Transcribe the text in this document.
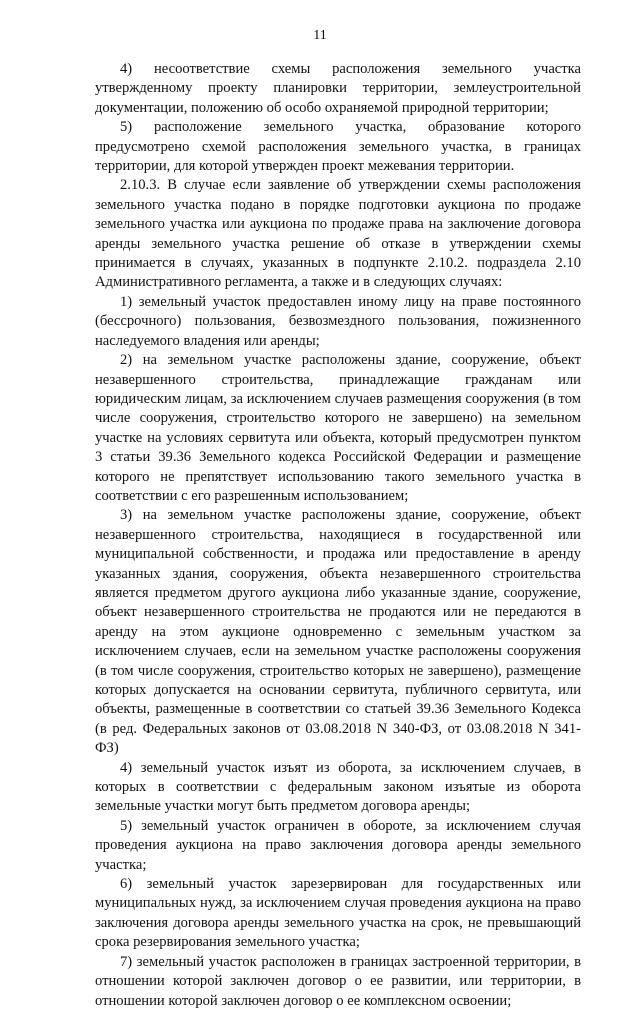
11

4) несоответствие схемы расположения земельного участка утвержденному проекту планировки территории, землеустроительной документации, положению об особо охраняемой природной территории;

5) расположение земельного участка, образование которого предусмотрено схемой расположения земельного участка, в границах территории, для которой утвержден проект межевания территории.

2.10.3. В случае если заявление об утверждении схемы расположения земельного участка подано в порядке подготовки аукциона по продаже земельного участка или аукциона по продаже права на заключение договора аренды земельного участка решение об отказе в утверждении схемы принимается в случаях, указанных в подпункте 2.10.2. подраздела 2.10 Административного регламента, а также и в следующих случаях:

1) земельный участок предоставлен иному лицу на праве постоянного (бессрочного) пользования, безвозмездного пользования, пожизненного наследуемого владения или аренды;

2) на земельном участке расположены здание, сооружение, объект незавершенного строительства, принадлежащие гражданам или юридическим лицам, за исключением случаев размещения сооружения (в том числе сооружения, строительство которого не завершено) на земельном участке на условиях сервитута или объекта, который предусмотрен пунктом 3 статьи 39.36 Земельного кодекса Российской Федерации и размещение которого не препятствует использованию такого земельного участка в соответствии с его разрешенным использованием;

3) на земельном участке расположены здание, сооружение, объект незавершенного строительства, находящиеся в государственной или муниципальной собственности, и продажа или предоставление в аренду указанных здания, сооружения, объекта незавершенного строительства является предметом другого аукциона либо указанные здание, сооружение, объект незавершенного строительства не продаются или не передаются в аренду на этом аукционе одновременно с земельным участком за исключением случаев, если на земельном участке расположены сооружения (в том числе сооружения, строительство которых не завершено), размещение которых допускается на основании сервитута, публичного сервитута, или объекты, размещенные в соответствии со статьей 39.36 Земельного Кодекса (в ред. Федеральных законов от 03.08.2018 N 340-ФЗ, от 03.08.2018 N 341-ФЗ)

4) земельный участок изъят из оборота, за исключением случаев, в которых в соответствии с федеральным законом изъятые из оборота земельные участки могут быть предметом договора аренды;

5) земельный участок ограничен в обороте, за исключением случая проведения аукциона на право заключения договора аренды земельного участка;

6) земельный участок зарезервирован для государственных или муниципальных нужд, за исключением случая проведения аукциона на право заключения договора аренды земельного участка на срок, не превышающий срока резервирования земельного участка;

7) земельный участок расположен в границах застроенной территории, в отношении которой заключен договор о ее развитии, или территории, в отношении которой заключен договор о ее комплексном освоении;
